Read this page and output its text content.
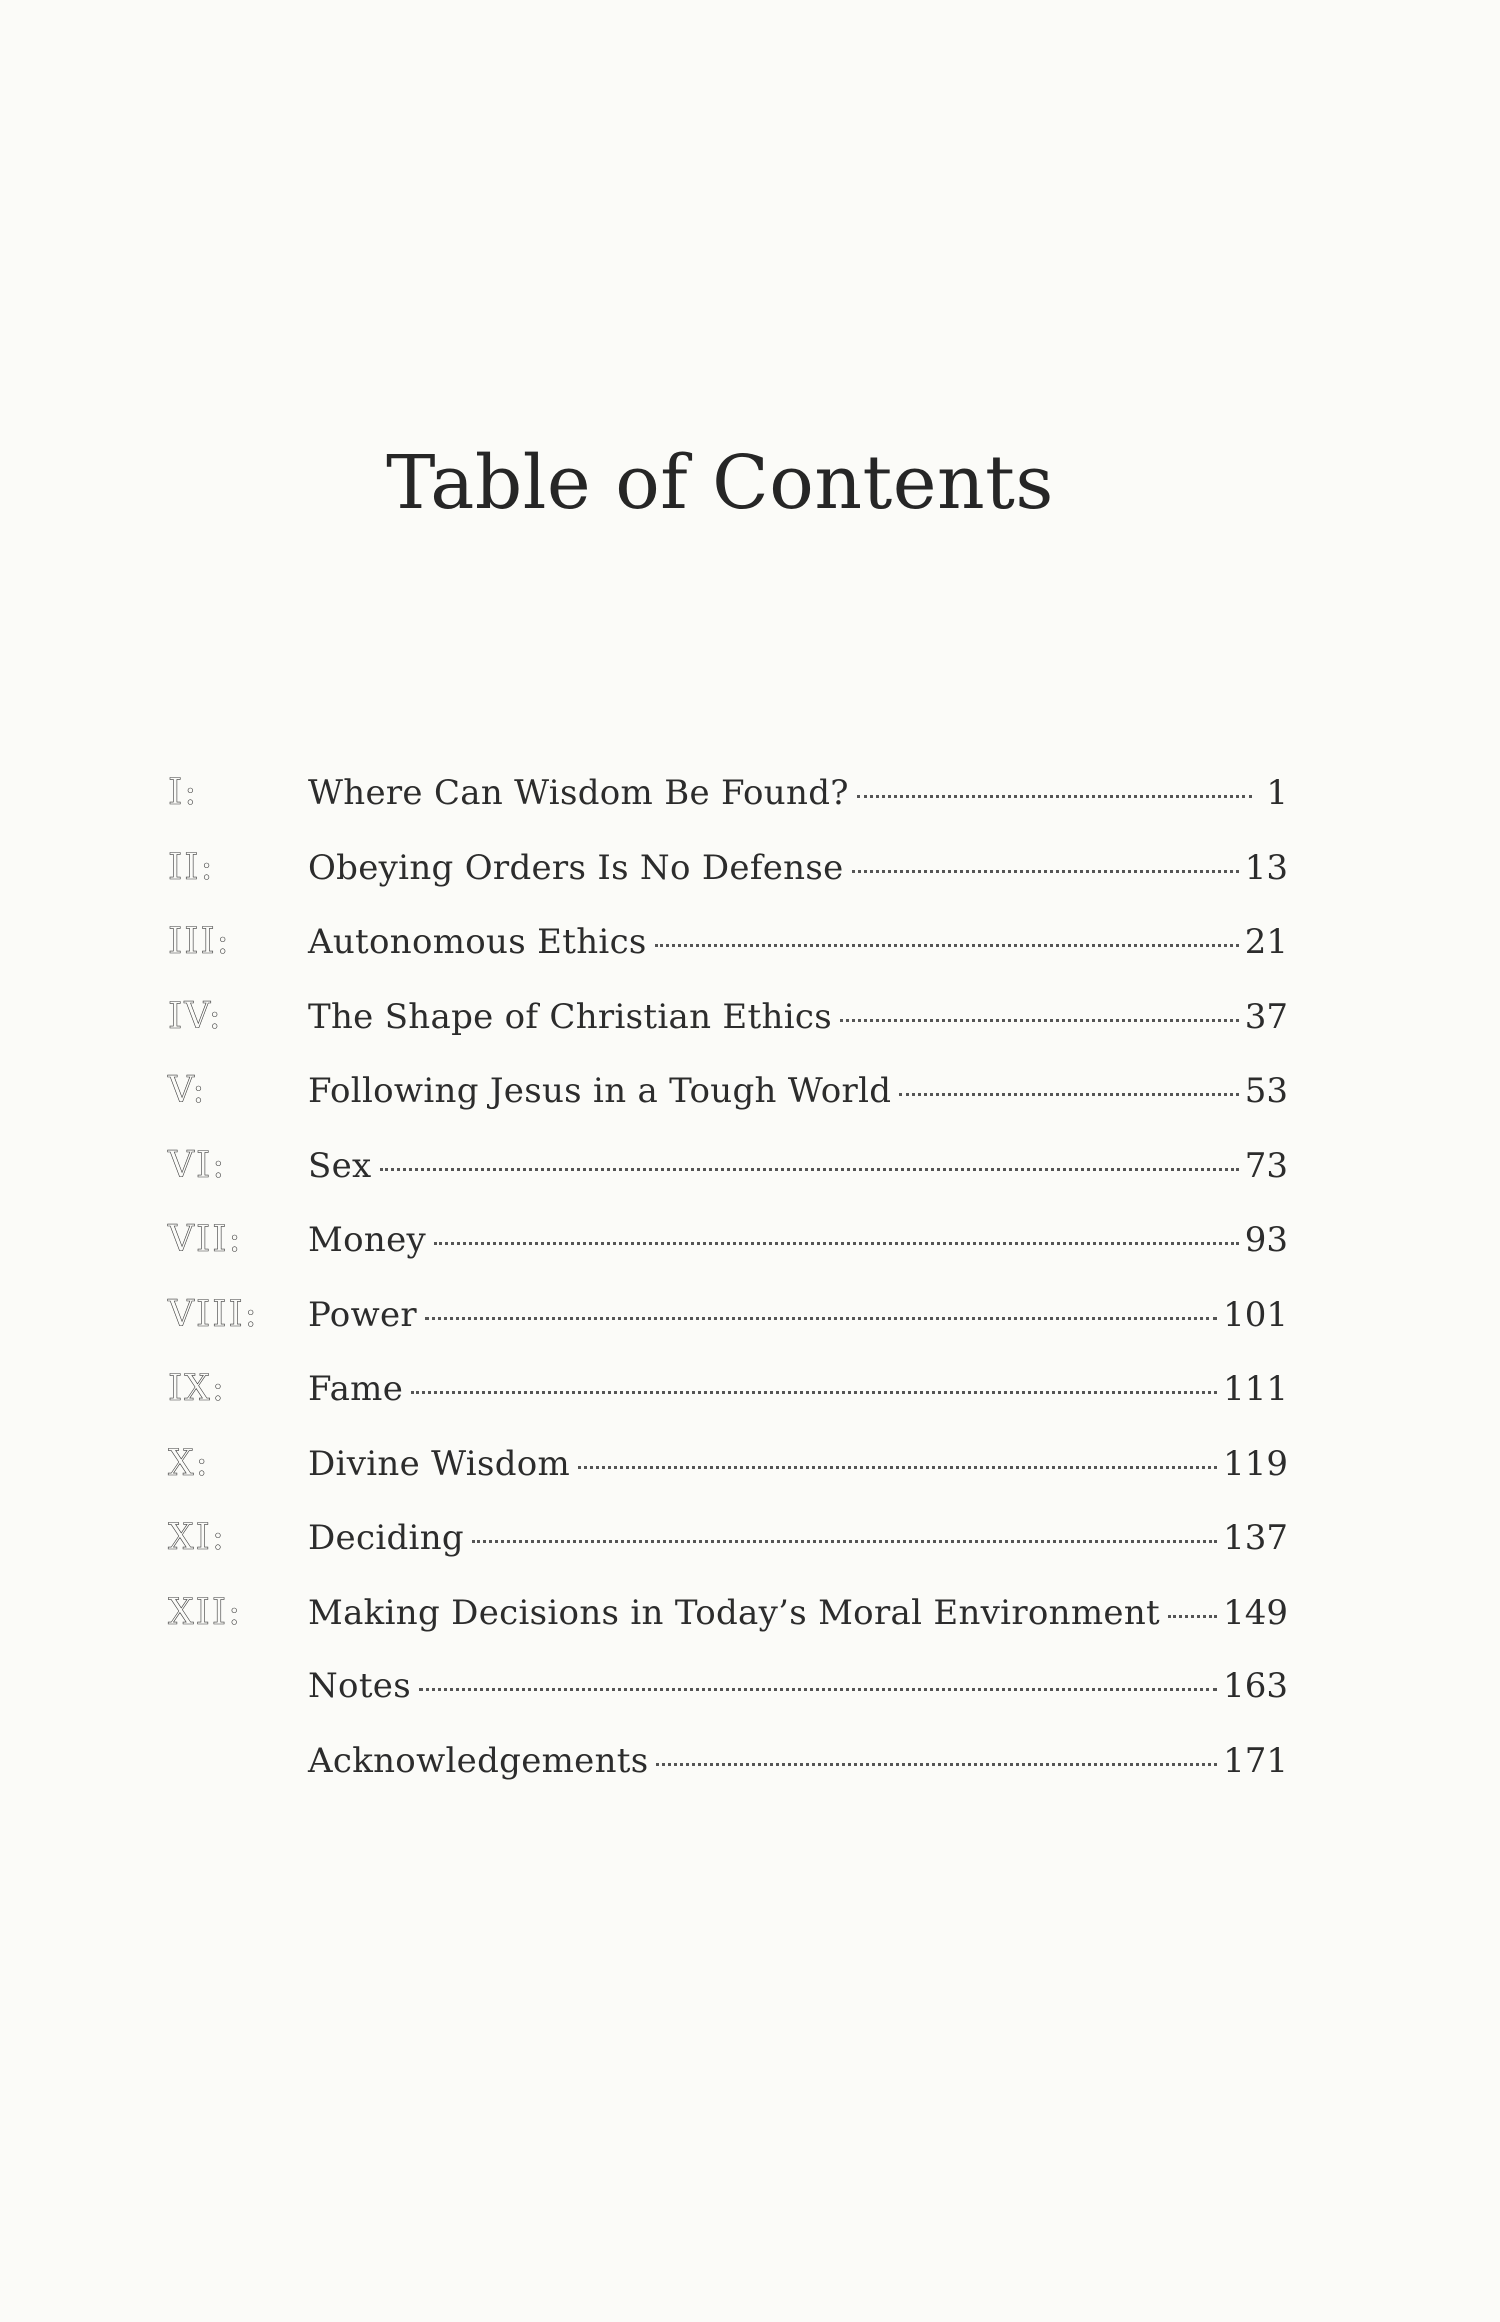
Table of Contents
I:	Where Can Wisdom Be Found?	1
II:	Obeying Orders Is No Defense	13
III:	Autonomous Ethics	21
IV:	The Shape of Christian Ethics	37
V:	Following Jesus in a Tough World	53
VI:	Sex	73
VII:	Money	93
VIII:	Power	101
IX:	Fame	111
X:	Divine Wisdom	119
XI:	Deciding	137
XII:	Making Decisions in Today’s Moral Environment 149
Notes	163
Acknowledgements	171
